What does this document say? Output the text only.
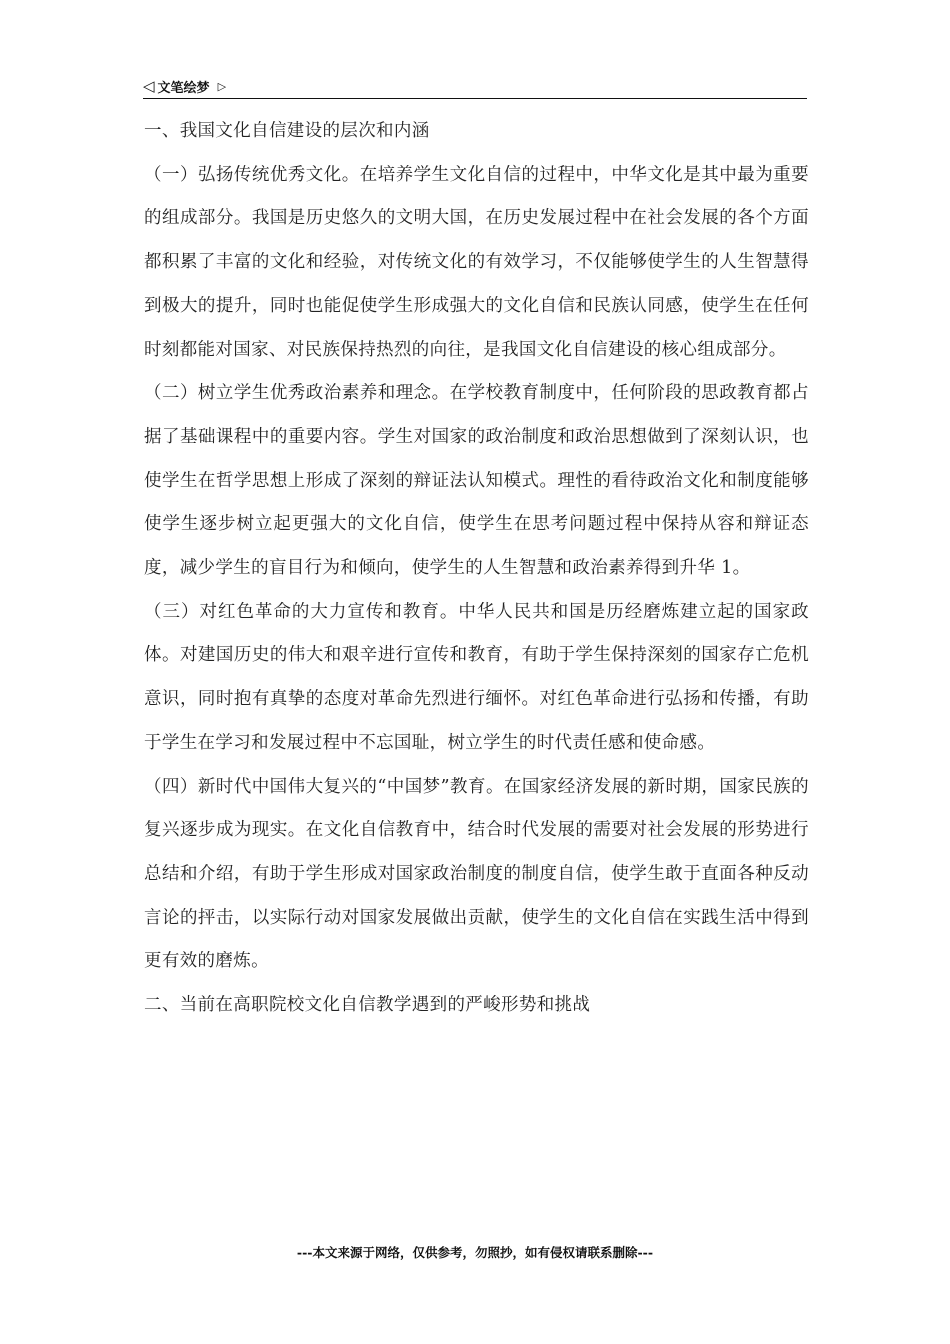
◁ 文笔绘梦 ▷

一、我国文化自信建设的层次和内涵

（一）弘扬传统优秀文化。在培养学生文化自信的过程中，中华文化是其中最为重要的组成部分。我国是历史悠久的文明大国，在历史发展过程中在社会发展的各个方面都积累了丰富的文化和经验，对传统文化的有效学习，不仅能够使学生的人生智慧得到极大的提升，同时也能促使学生形成强大的文化自信和民族认同感，使学生在任何时刻都能对国家、对民族保持热烈的向往，是我国文化自信建设的核心组成部分。

（二）树立学生优秀政治素养和理念。在学校教育制度中，任何阶段的思政教育都占据了基础课程中的重要内容。学生对国家的政治制度和政治思想做到了深刻认识，也使学生在哲学思想上形成了深刻的辩证法认知模式。理性的看待政治文化和制度能够使学生逐步树立起更强大的文化自信，使学生在思考问题过程中保持从容和辩证态度，减少学生的盲目行为和倾向，使学生的人生智慧和政治素养得到升华 1。

（三）对红色革命的大力宣传和教育。中华人民共和国是历经磨炼建立起的国家政体。对建国历史的伟大和艰辛进行宣传和教育，有助于学生保持深刻的国家存亡危机意识，同时抱有真挚的态度对革命先烈进行缅怀。对红色革命进行弘扬和传播，有助于学生在学习和发展过程中不忘国耻，树立学生的时代责任感和使命感。

（四）新时代中国伟大复兴的“中国梦”教育。在国家经济发展的新时期，国家民族的复兴逐步成为现实。在文化自信教育中，结合时代发展的需要对社会发展的形势进行总结和介绍，有助于学生形成对国家政治制度的制度自信，使学生敢于直面各种反动言论的抨击，以实际行动对国家发展做出贡献，使学生的文化自信在实践生活中得到更有效的磨炼。

二、当前在高职院校文化自信教学遇到的严峻形势和挑战

---本文来源于网络，仅供参考，勿照抄，如有侵权请联系删除---
